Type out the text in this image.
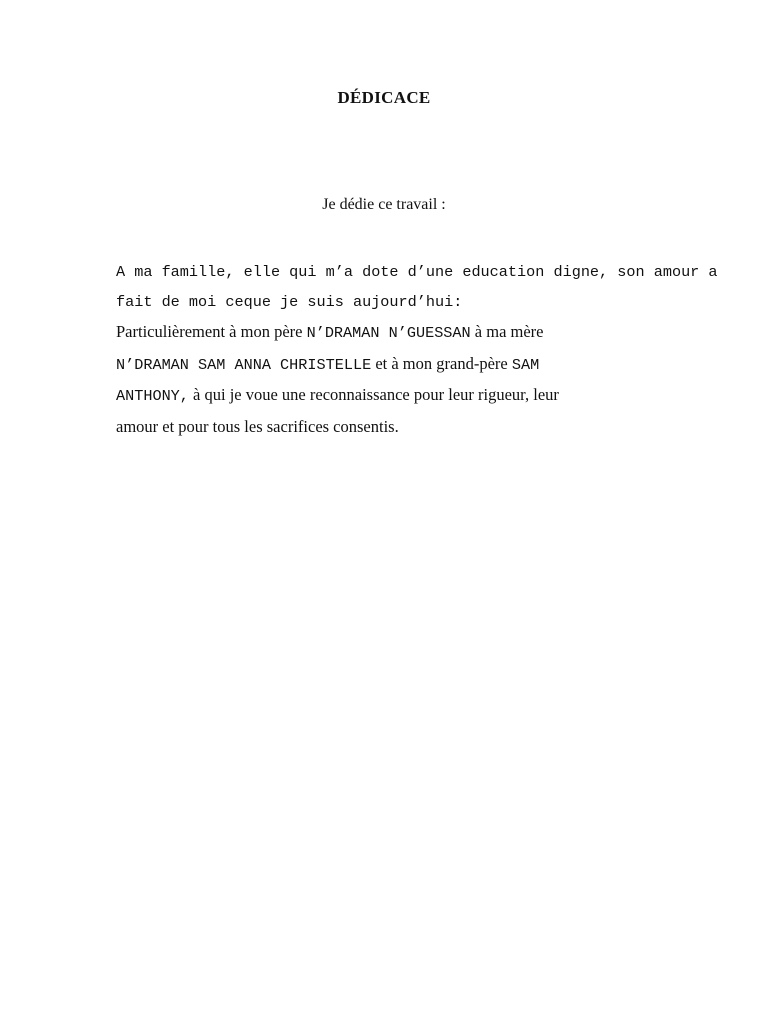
DÉDICACE
Je dédie ce travail :
A ma famille, elle qui m’a dote d’une education digne, son amour a
fait de moi ceque je suis aujourd’hui:
Particulièrement à mon père N’DRAMAN N’GUESSAN à ma mère
N’DRAMAN SAM ANNA CHRISTELLE et à mon grand-père SAM
ANTHONY, à qui je voue une reconnaissance pour leur rigueur, leur
amour et pour tous les sacrifices consentis.
